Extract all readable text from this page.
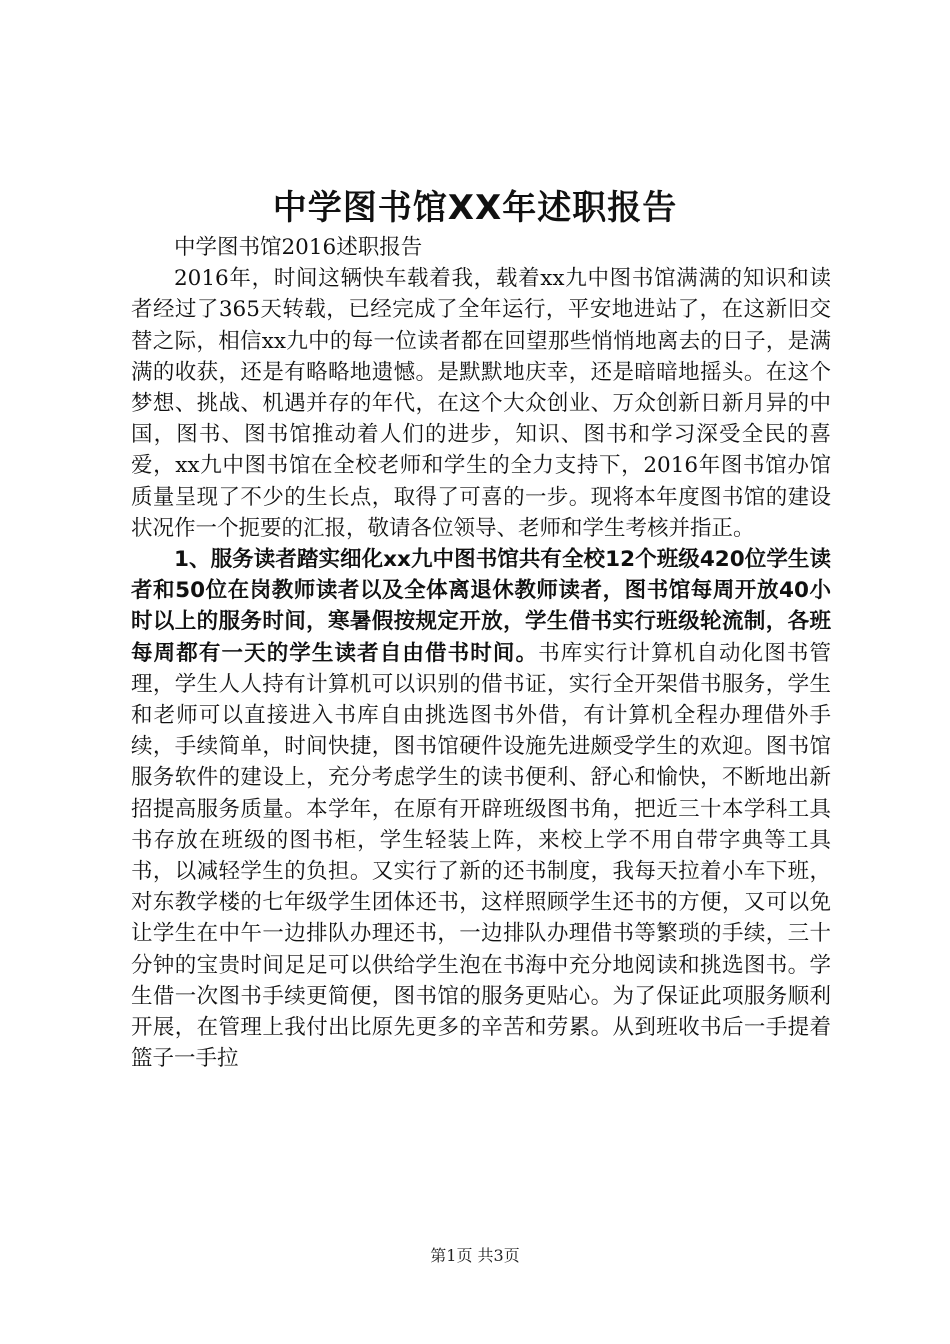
中学图书馆XX年述职报告

中学图书馆2016述职报告

2016年，时间这辆快车载着我，载着xx九中图书馆满满的知识和读者经过了365天转载，已经完成了全年运行，平安地进站了，在这新旧交替之际，相信xx九中的每一位读者都在回望那些悄悄地离去的日子，是满满的收获，还是有略略地遗憾。是默默地庆幸，还是暗暗地摇头。在这个梦想、挑战、机遇并存的年代，在这个大众创业、万众创新日新月异的中国，图书、图书馆推动着人们的进步，知识、图书和学习深受全民的喜爱，xx九中图书馆在全校老师和学生的全力支持下，2016年图书馆办馆质量呈现了不少的生长点，取得了可喜的一步。现将本年度图书馆的建设状况作一个扼要的汇报，敬请各位领导、老师和学生考核并指正。

1、服务读者踏实细化xx九中图书馆共有全校12个班级420位学生读者和50位在岗教师读者以及全体离退休教师读者，图书馆每周开放40小时以上的服务时间，寒暑假按规定开放，学生借书实行班级轮流制，各班每周都有一天的学生读者自由借书时间。书库实行计算机自动化图书管理，学生人人持有计算机可以识别的借书证，实行全开架借书服务，学生和老师可以直接进入书库自由挑选图书外借，有计算机全程办理借外手续，手续简单，时间快捷，图书馆硬件设施先进颇受学生的欢迎。图书馆服务软件的建设上，充分考虑学生的读书便利、舒心和愉快，不断地出新招提高服务质量。本学年，在原有开辟班级图书角，把近三十本学科工具书存放在班级的图书柜，学生轻装上阵，来校上学不用自带字典等工具书，以减轻学生的负担。又实行了新的还书制度，我每天拉着小车下班，对东教学楼的七年级学生团体还书，这样照顾学生还书的方便，又可以免让学生在中午一边排队办理还书，一边排队办理借书等繁琐的手续，三十分钟的宝贵时间足足可以供给学生泡在书海中充分地阅读和挑选图书。学生借一次图书手续更简便，图书馆的服务更贴心。为了保证此项服务顺利开展，在管理上我付出比原先更多的辛苦和劳累。从到班收书后一手提着篮子一手拉

第1页 共3页
